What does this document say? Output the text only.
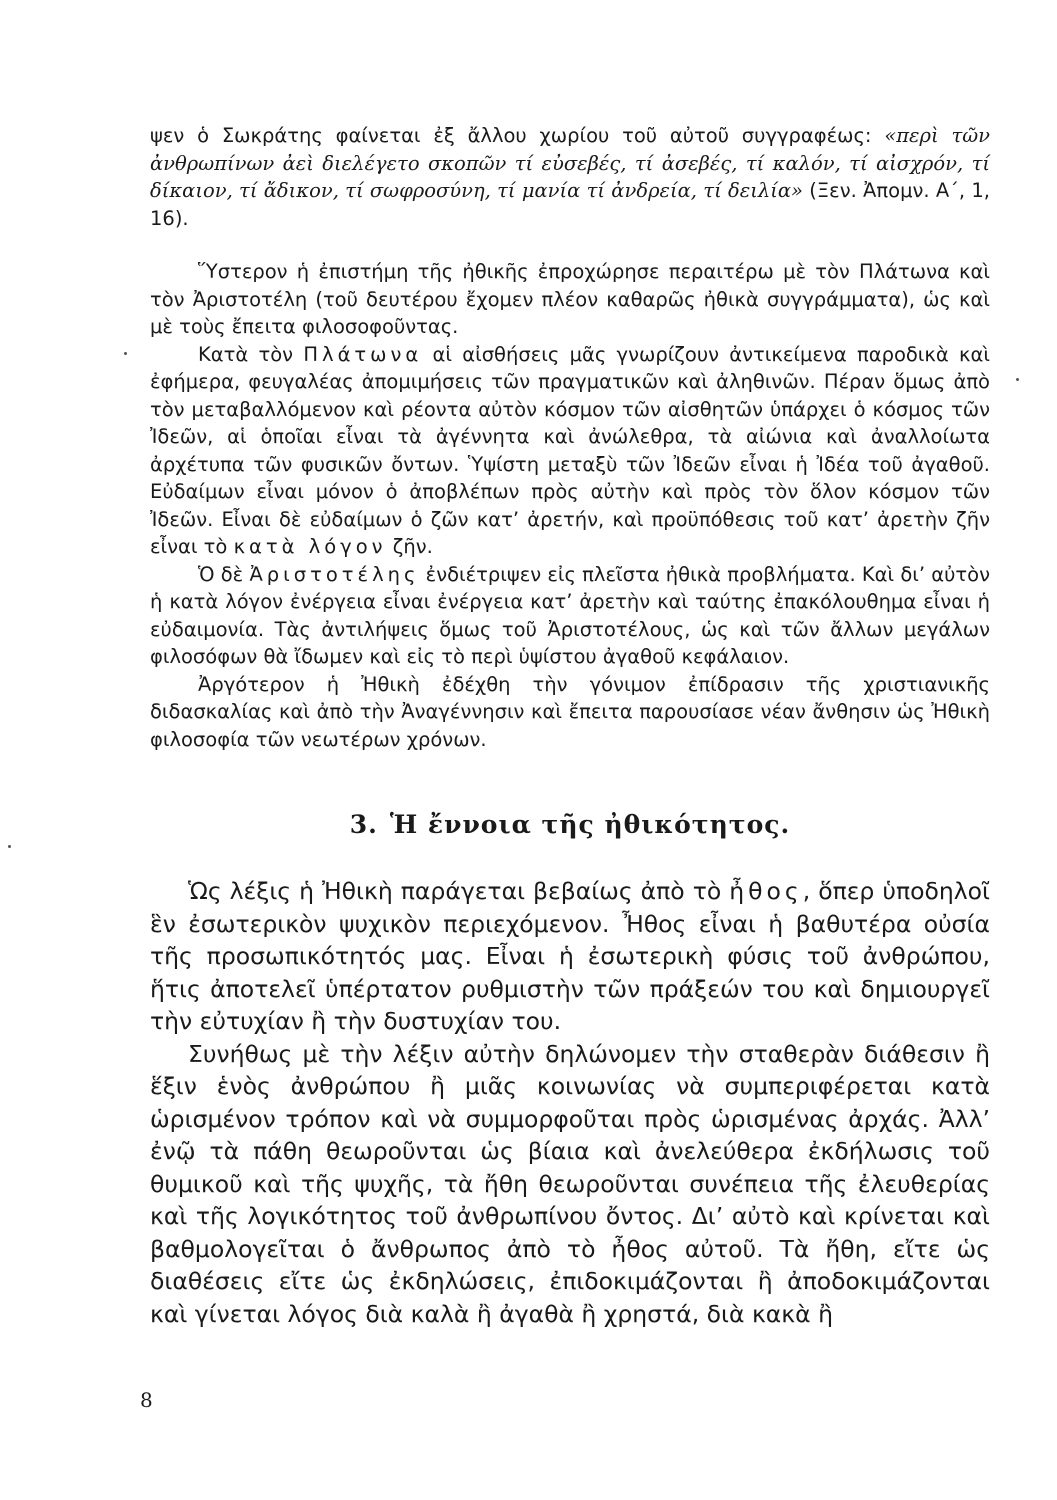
ψεν ὁ Σωκράτης φαίνεται ἐξ ἄλλου χωρίου τοῦ αὐτοῦ συγγραφέως: «περὶ τῶν ἀνθρωπίνων ἀεὶ διελέγετο σκοπῶν τί εὐσεβές, τί ἀσεβές, τί καλόν, τί αἰσχρόν, τί δίκαιον, τί ἄδικον, τί σωφροσύνη, τί μανία τί ἀνδρεία, τί δειλία» (Ξεν. Ἀπομν. Α΄, 1, 16).

Ὕστερον ἡ ἐπιστήμη τῆς ἠθικῆς ἐπροχώρησε περαιτέρω μὲ τὸν Πλάτωνα καὶ τὸν Ἀριστοτέλη (τοῦ δευτέρου ἔχομεν πλέον καθαρῶς ἠθικὰ συγγράμματα), ὡς καὶ μὲ τοὺς ἔπειτα φιλοσοφοῦντας.

Κατὰ τὸν Πλάτωνα αἱ αἰσθήσεις μᾶς γνωρίζουν ἀντικείμενα παροδικὰ καὶ ἐφήμερα, φευγαλέας ἀπομιμήσεις τῶν πραγματικῶν καὶ ἀληθινῶν. Πέραν ὅμως ἀπὸ τὸν μεταβαλλόμενον καὶ ρέοντα αὐτὸν κόσμον τῶν αἰσθητῶν ὑπάρχει ὁ κόσμος τῶν Ἰδεῶν, αἱ ὁποῖαι εἶναι τὰ ἀγέννητα καὶ ἀνώλεθρα, τὰ αἰώνια καὶ ἀναλλοίωτα ἀρχέτυπα τῶν φυσικῶν ὄντων. Ὑψίστη μεταξὺ τῶν Ἰδεῶν εἶναι ἡ Ἰδέα τοῦ ἀγαθοῦ. Εὐδαίμων εἶναι μόνον ὁ ἀποβλέπων πρὸς αὐτὴν καὶ πρὸς τὸν ὅλον κόσμον τῶν Ἰδεῶν. Εἶναι δὲ εὐδαίμων ὁ ζῶν κατ’ ἀρετήν, καὶ προϋπόθεσις τοῦ κατ’ ἀρετὴν ζῆν εἶναι τὸ κατὰ λόγον ζῆν.

Ὁ δὲ Ἀριστοτέλης ἐνδιέτριψεν εἰς πλεῖστα ἠθικὰ προβλήματα. Καὶ δι’ αὐτὸν ἡ κατὰ λόγον ἐνέργεια εἶναι ἐνέργεια κατ’ ἀρετὴν καὶ ταύτης ἐπακόλουθημα εἶναι ἡ εὐδαιμονία. Τὰς ἀντιλήψεις ὅμως τοῦ Ἀριστοτέλους, ὡς καὶ τῶν ἄλλων μεγάλων φιλοσόφων θὰ ἴδωμεν καὶ εἰς τὸ περὶ ὑψίστου ἀγαθοῦ κεφάλαιον.

Ἀργότερον ἡ Ἠθικὴ ἐδέχθη τὴν γόνιμον ἐπίδρασιν τῆς χριστιανικῆς διδασκαλίας καὶ ἀπὸ τὴν Ἀναγέννησιν καὶ ἔπειτα παρουσίασε νέαν ἄνθησιν ὡς Ἠθικὴ φιλοσοφία τῶν νεωτέρων χρόνων.

3. Ἡ ἔννοια τῆς ἠθικότητος.

Ὡς λέξις ἡ Ἠθικὴ παράγεται βεβαίως ἀπὸ τὸ ἦθος, ὅπερ ὑποδηλοῖ ἓν ἐσωτερικὸν ψυχικὸν περιεχόμενον. Ἦθος εἶναι ἡ βαθυτέρα οὐσία τῆς προσωπικότητός μας. Εἶναι ἡ ἐσωτερικὴ φύσις τοῦ ἀνθρώπου, ἥτις ἀποτελεῖ ὑπέρτατον ρυθμιστὴν τῶν πράξεών του καὶ δημιουργεῖ τὴν εὐτυχίαν ἢ τὴν δυστυχίαν του.

Συνήθως μὲ τὴν λέξιν αὐτὴν δηλώνομεν τὴν σταθερὰν διάθεσιν ἢ ἕξιν ἑνὸς ἀνθρώπου ἢ μιᾶς κοινωνίας νὰ συμπεριφέρεται κατὰ ὡρισμένον τρόπον καὶ νὰ συμμορφοῦται πρὸς ὡρισμένας ἀρχάς. Ἀλλ’ ἐνῷ τὰ πάθη θεωροῦνται ὡς βίαια καὶ ἀνελεύθερα ἐκδήλωσις τοῦ θυμικοῦ καὶ τῆς ψυχῆς, τὰ ἤθη θεωροῦνται συνέπεια τῆς ἐλευθερίας καὶ τῆς λογικότητος τοῦ ἀνθρωπίνου ὄντος. Δι’ αὐτὸ καὶ κρίνεται καὶ βαθμολογεῖται ὁ ἄνθρωπος ἀπὸ τὸ ἦθος αὐτοῦ. Τὰ ἤθη, εἴτε ὡς διαθέσεις εἴτε ὡς ἐκδηλώσεις, ἐπιδοκιμάζονται ἢ ἀποδοκιμάζονται καὶ γίνεται λόγος διὰ καλὰ ἢ ἀγαθὰ ἢ χρηστά, διὰ κακὰ ἢ

8
